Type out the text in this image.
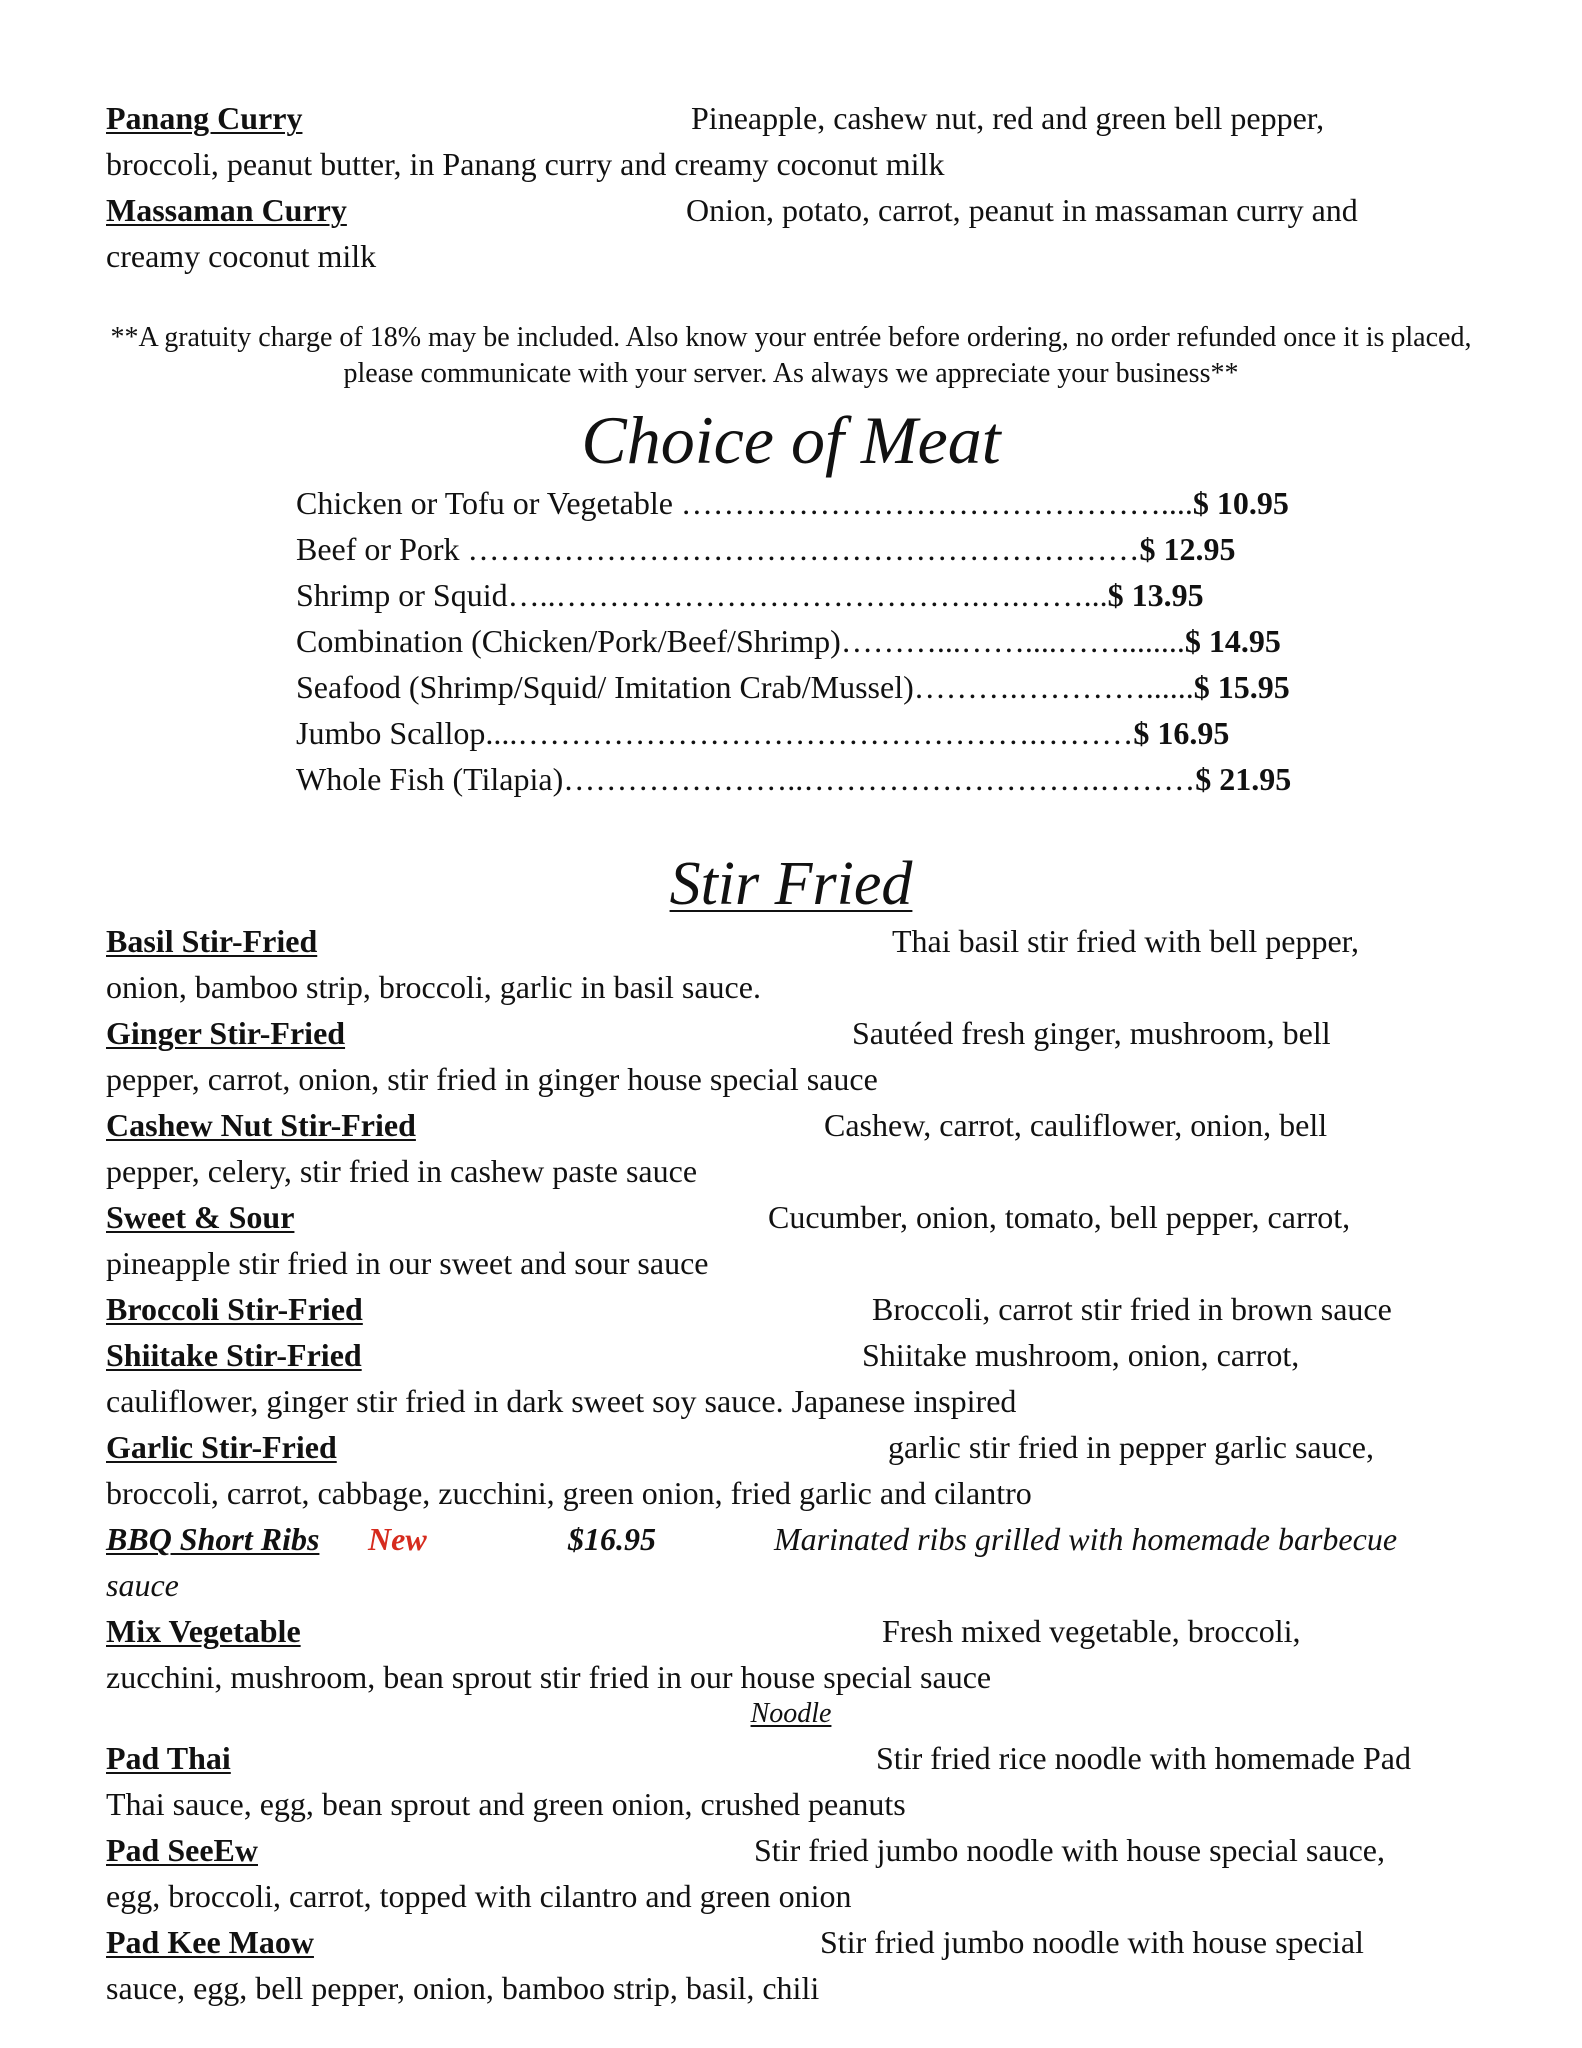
Panang Curry	Pineapple, cashew nut, red and green bell pepper,
broccoli, peanut butter, in Panang curry and creamy coconut milk
Massaman Curry	Onion, potato, carrot, peanut in massaman curry and
creamy coconut milk
**A gratuity charge of 18% may be included. Also know your entrée before ordering, no order refunded once it is placed, please communicate with your server. As always we appreciate your business**
Choice of Meat
Chicken or Tofu or Vegetable ………………………………………....$ 10.95
Beef or Pork ………………………………………………………$ 12.95
Shrimp or Squid…..………………………………….….……...$ 13.95
Combination (Chicken/Pork/Beef/Shrimp)………...……....……........$ 14.95
Seafood (Shrimp/Squid/ Imitation Crab/Mussel)……….…………......$ 15.95
Jumbo Scallop....………………………………………….………$ 16.95
Whole Fish (Tilapia)…………………..……………………….………$ 21.95
Stir Fried
Basil Stir-Fried	Thai basil stir fried with bell pepper,
onion, bamboo strip, broccoli, garlic in basil sauce.
Ginger Stir-Fried	Sautéed fresh ginger, mushroom, bell
pepper, carrot, onion, stir fried in ginger house special sauce
Cashew Nut Stir-Fried	Cashew, carrot, cauliflower, onion, bell
pepper, celery, stir fried in cashew paste sauce
Sweet & Sour	Cucumber, onion, tomato, bell pepper, carrot,
pineapple stir fried in our sweet and sour sauce
Broccoli Stir-Fried	Broccoli, carrot stir fried in brown sauce
Shiitake Stir-Fried	Shiitake mushroom, onion, carrot,
cauliflower, ginger stir fried in dark sweet soy sauce. Japanese inspired
Garlic Stir-Fried	garlic stir fried in pepper garlic sauce,
broccoli, carrot, cabbage, zucchini, green onion, fried garlic and cilantro
BBQ Short Ribs New	$16.95	Marinated ribs grilled with homemade barbecue
sauce
Mix Vegetable	Fresh mixed vegetable, broccoli,
zucchini, mushroom, bean sprout stir fried in our house special sauce
Noodle
Pad Thai	Stir fried rice noodle with homemade Pad
Thai sauce, egg, bean sprout and green onion, crushed peanuts
Pad SeeEw	Stir fried jumbo noodle with house special sauce,
egg, broccoli, carrot, topped with cilantro and green onion
Pad Kee Maow	Stir fried jumbo noodle with house special
sauce, egg, bell pepper, onion, bamboo strip, basil, chili
